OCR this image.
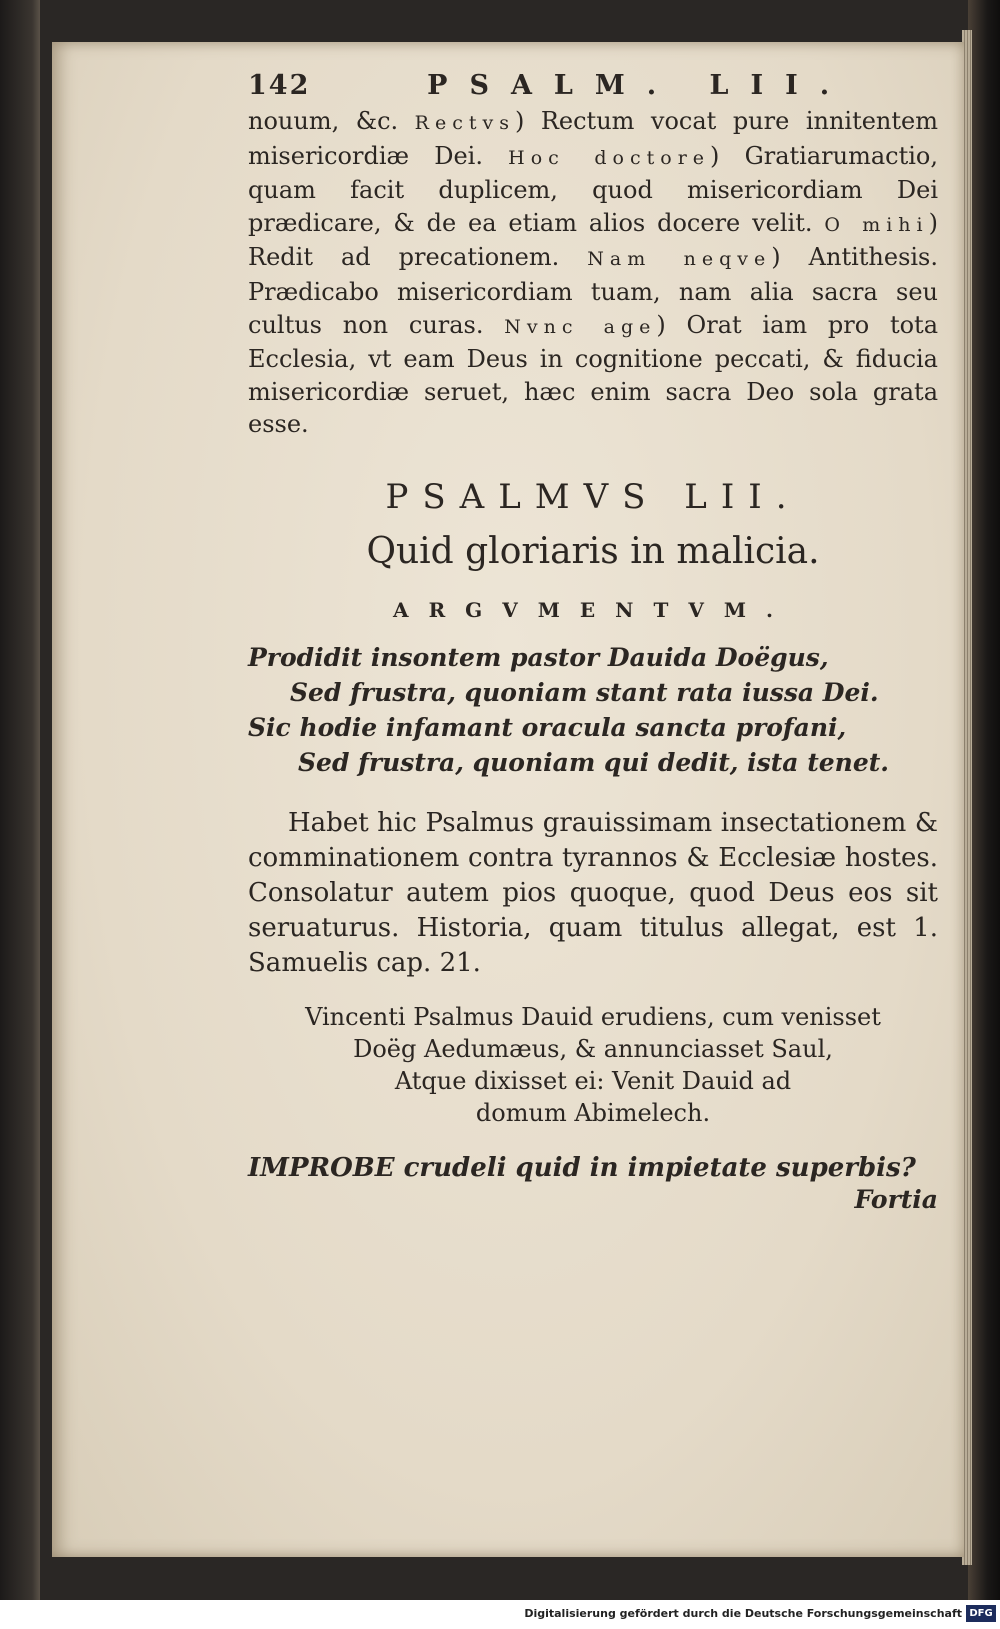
142	PSALM. LII.

nouum, &c. Rectvs) Rectum vocat pure innitentem misericordiæ Dei. Hoc doctore) Gratiarumactio, quam facit duplicem, quod misericordiam Dei prædicare, & de ea etiam alios docere velit. O mihi) Redit ad precationem. Nam neqve) Antithesis. Prædicabo misericordiam tuam, nam alia sacra seu cultus non curas. Nvnc age) Orat iam pro tota Ecclesia, vt eam Deus in cognitione peccati, & fiducia misericordiæ seruet, hæc enim sacra Deo sola grata esse.

PSALMVS LII.
Quid gloriaris in malicia.
ARGVMENTVM.

Prodidit insontem pastor Dauida Doëgus,

Sed frustra, quoniam stant rata iussa Dei.

Sic hodie infamant oracula sancta profani,

Sed frustra, quoniam qui dedit, ista tenet.

Habet hic Psalmus grauissimam insectationem & comminationem contra tyrannos & Ecclesiæ hostes. Consolatur autem pios quoque, quod Deus eos sit seruaturus. Historia, quam titulus allegat, est 1. Samuelis cap. 21.

Vincenti Psalmus Dauid erudiens, cum venisset
Doëg Aedumæus, & annunciasset Saul,
Atque dixisset ei: Venit Dauid ad
domum Abimelech.

IMPROBE crudeli quid in impietate superbis?

Fortia

Digitalisierung gefördert durch die Deutsche Forschungsgemeinschaft DFG
